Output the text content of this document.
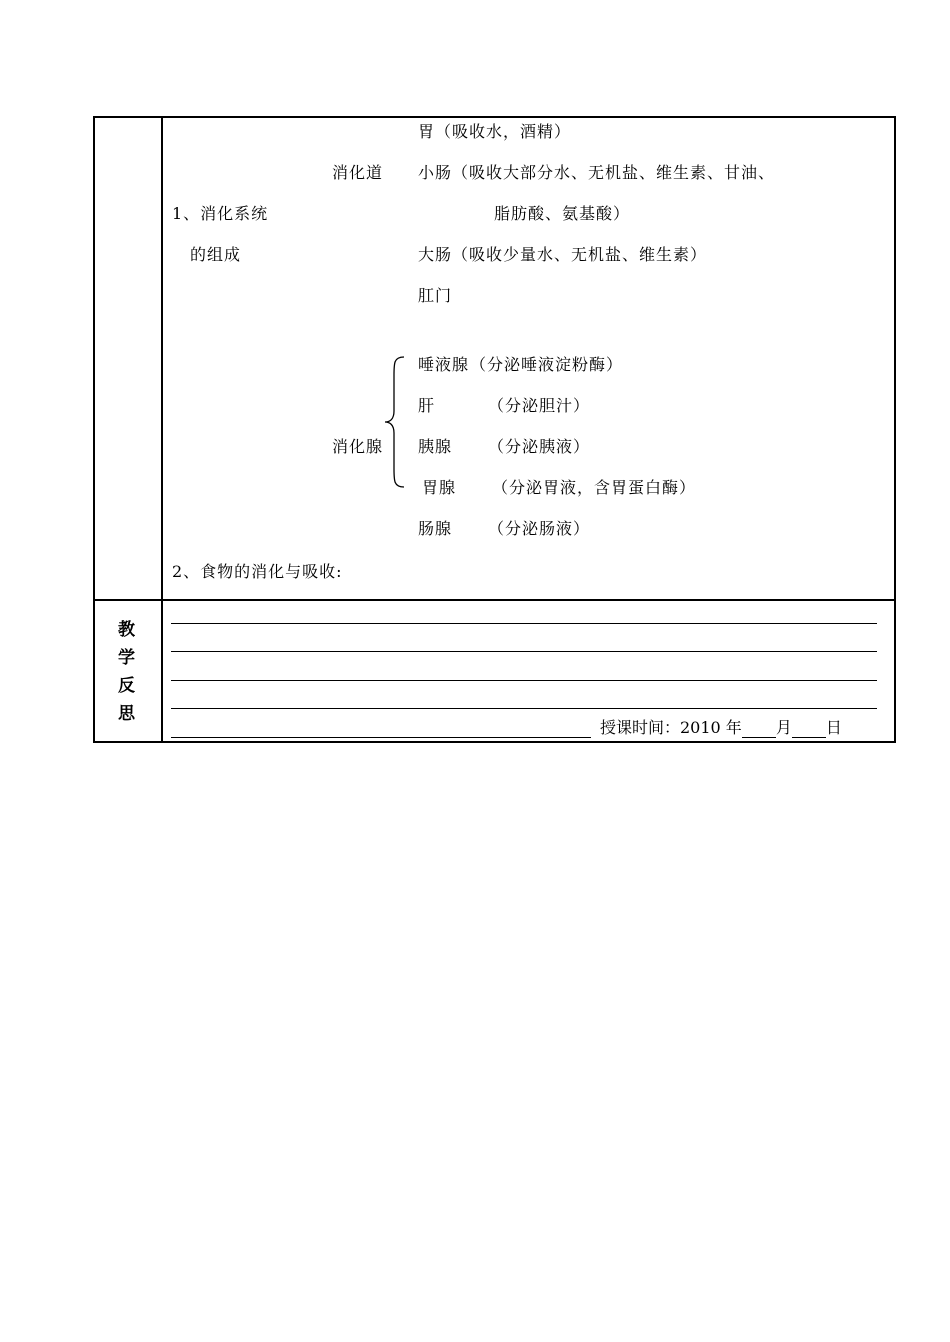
胃（吸收水，酒精）
消化道 小肠（吸收大部分水、无机盐、维生素、甘油、
1、消化系统	脂肪酸、氨基酸）
的组成	大肠（吸收少量水、无机盐、维生素）
肛门
唾液腺 （分泌唾液淀粉酶）
肝	（分泌胆汁）
消化腺 胰腺 （分泌胰液）
胃腺 （分泌胃液，含胃蛋白酶）
肠腺 （分泌肠液）
2、食物的消化与吸收:
教
学
反
思
授课时间：2010 年 月 日
